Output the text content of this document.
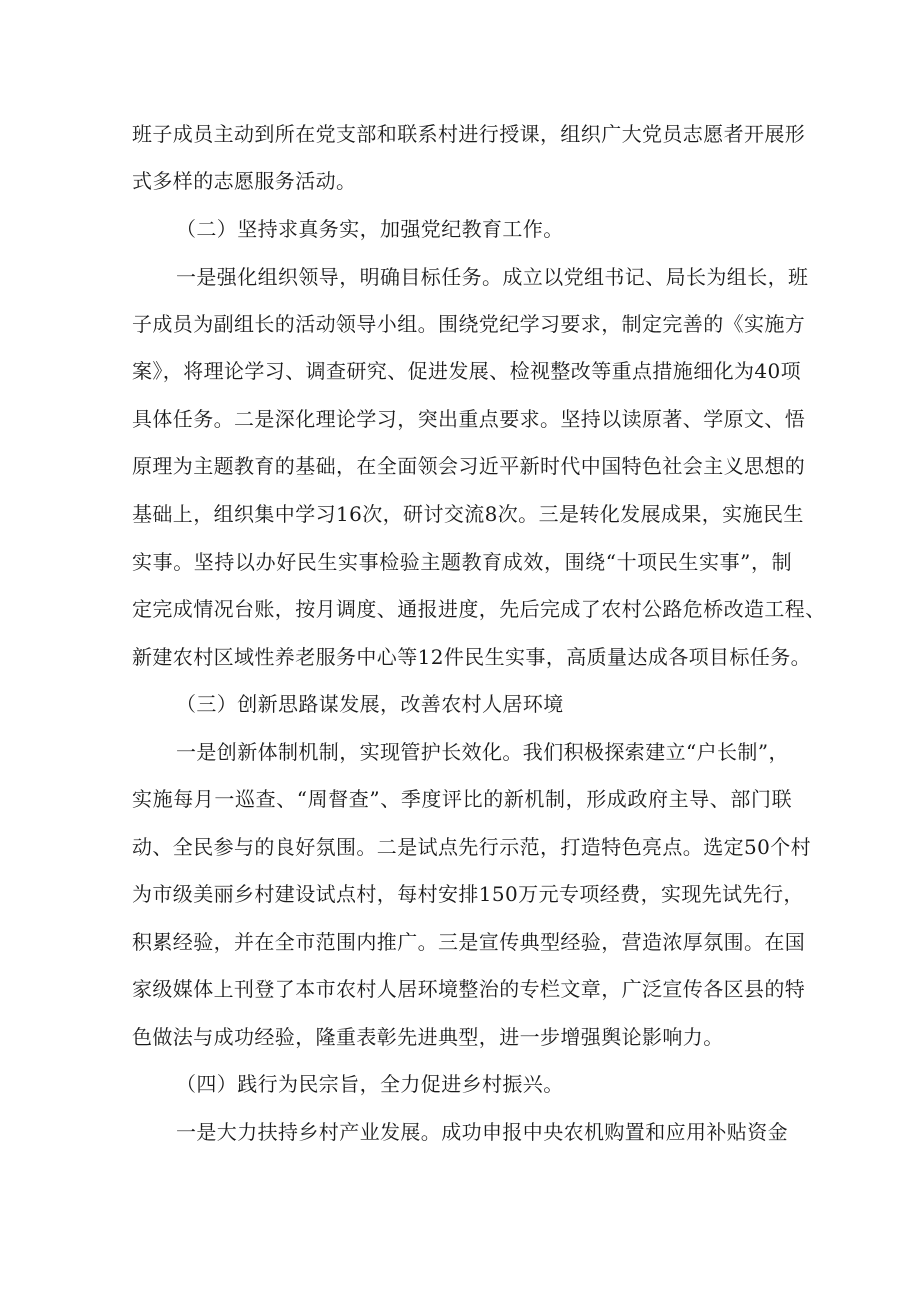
班子成员主动到所在党支部和联系村进行授课，组织广大党员志愿者开展形
式多样的志愿服务活动。
（二）坚持求真务实，加强党纪教育工作。
一是强化组织领导，明确目标任务。成立以党组书记、局长为组长，班
子成员为副组长的活动领导小组。围绕党纪学习要求，制定完善的《实施方
案》，将理论学习、调查研究、促进发展、检视整改等重点措施细化为40项
具体任务。二是深化理论学习，突出重点要求。坚持以读原著、学原文、悟
原理为主题教育的基础，在全面领会习近平新时代中国特色社会主义思想的
基础上，组织集中学习16次，研讨交流8次。三是转化发展成果，实施民生
实事。坚持以办好民生实事检验主题教育成效，围绕“十项民生实事”，制
定完成情况台账，按月调度、通报进度，先后完成了农村公路危桥改造工程、
新建农村区域性养老服务中心等12件民生实事，高质量达成各项目标任务。
（三）创新思路谋发展，改善农村人居环境
一是创新体制机制，实现管护长效化。我们积极探索建立“户长制”，
实施每月一巡查、“周督查”、季度评比的新机制，形成政府主导、部门联
动、全民参与的良好氛围。二是试点先行示范，打造特色亮点。选定50个村
为市级美丽乡村建设试点村，每村安排150万元专项经费，实现先试先行，
积累经验，并在全市范围内推广。三是宣传典型经验，营造浓厚氛围。在国
家级媒体上刊登了本市农村人居环境整治的专栏文章，广泛宣传各区县的特
色做法与成功经验，隆重表彰先进典型，进一步增强舆论影响力。
（四）践行为民宗旨，全力促进乡村振兴。
一是大力扶持乡村产业发展。成功申报中央农机购置和应用补贴资金
